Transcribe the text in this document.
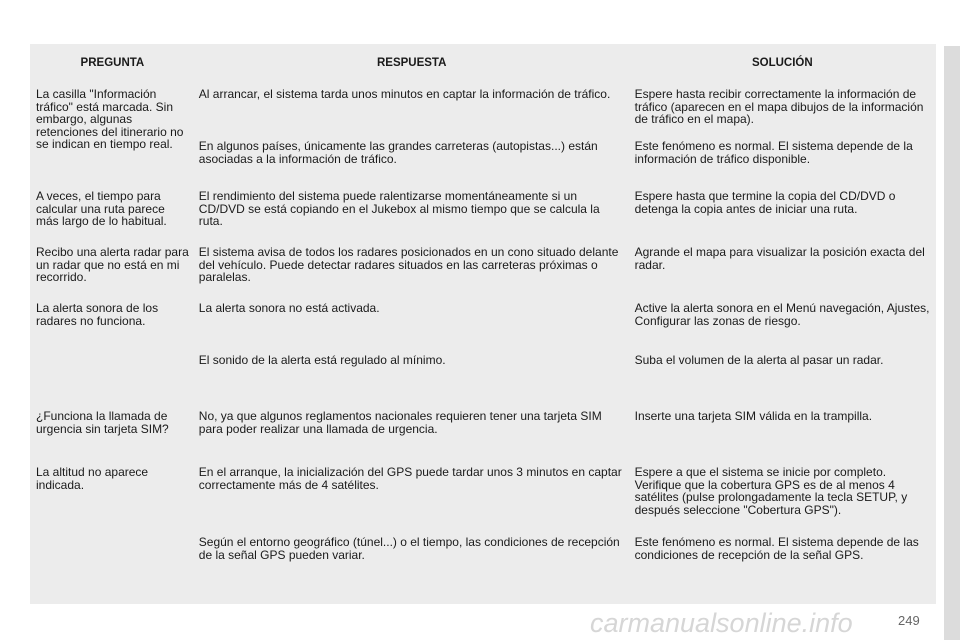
PREGUNTA	RESPUESTA	SOLUCIÓN
La casilla "Información tráfico" está marcada. Sin embargo, algunas retenciones del itinerario no se indican en tiempo real.	Al arrancar, el sistema tarda unos minutos en captar la información de tráfico.	Espere hasta recibir correctamente la información de tráfico (aparecen en el mapa dibujos de la información de tráfico en el mapa).
	En algunos países, únicamente las grandes carreteras (autopistas...) están asociadas a la información de tráfico.	Este fenómeno es normal. El sistema depende de la información de tráfico disponible.
A veces, el tiempo para calcular una ruta parece más largo de lo habitual.	El rendimiento del sistema puede ralentizarse momentáneamente si un CD/DVD se está copiando en el Jukebox al mismo tiempo que se calcula la ruta.	Espere hasta que termine la copia del CD/DVD o detenga la copia antes de iniciar una ruta.
Recibo una alerta radar para un radar que no está en mi recorrido.	El sistema avisa de todos los radares posicionados en un cono situado delante del vehículo. Puede detectar radares situados en las carreteras próximas o paralelas.	Agrande el mapa para visualizar la posición exacta del radar.
La alerta sonora de los radares no funciona.	La alerta sonora no está activada.	Active la alerta sonora en el Menú navegación, Ajustes, Configurar las zonas de riesgo.
	El sonido de la alerta está regulado al mínimo.	Suba el volumen de la alerta al pasar un radar.
¿Funciona la llamada de urgencia sin tarjeta SIM?	No, ya que algunos reglamentos nacionales requieren tener una tarjeta SIM para poder realizar una llamada de urgencia.	Inserte una tarjeta SIM válida en la trampilla.
La altitud no aparece indicada.	En el arranque, la inicialización del GPS puede tardar unos 3 minutos en captar correctamente más de 4 satélites.	Espere a que el sistema se inicie por completo. Verifique que la cobertura GPS es de al menos 4 satélites (pulse prolongadamente la tecla SETUP, y después seleccione "Cobertura GPS").
	Según el entorno geográfico (túnel...) o el tiempo, las condiciones de recepción de la señal GPS pueden variar.	Este fenómeno es normal. El sistema depende de las condiciones de recepción de la señal GPS.
carmanualsonline.info	249
